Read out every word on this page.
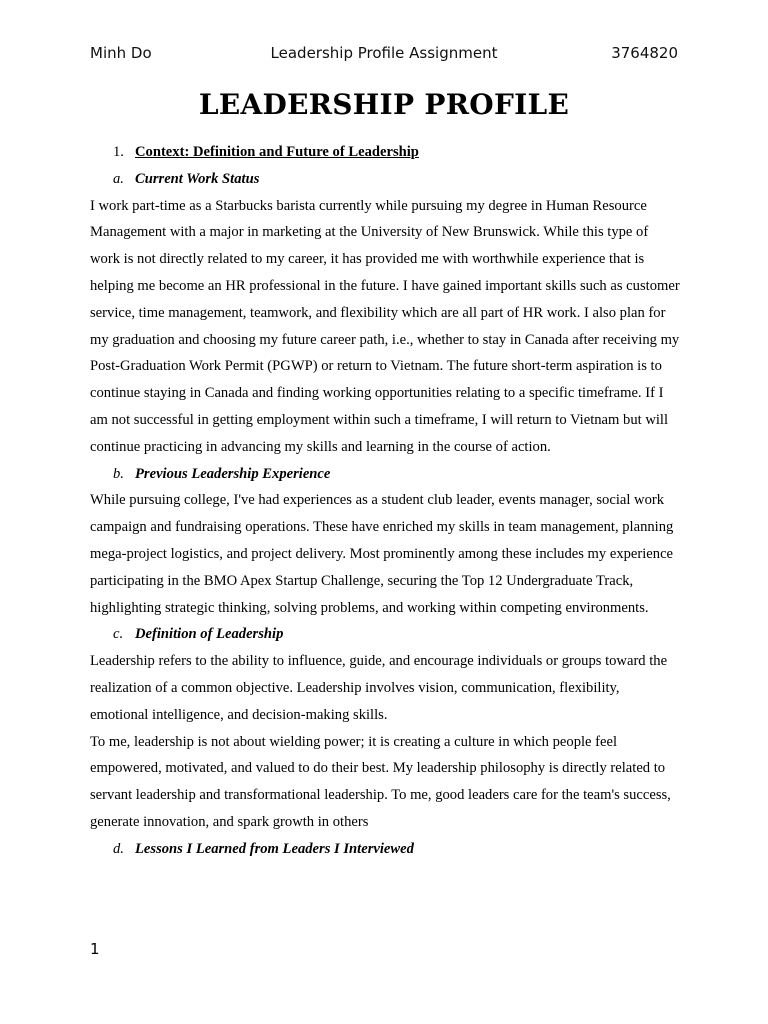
Minh Do	Leadership Profile Assignment	3764820
LEADERSHIP PROFILE
1. Context: Definition and Future of Leadership
a. Current Work Status

I work part-time as a Starbucks barista currently while pursuing my degree in Human Resource Management with a major in marketing at the University of New Brunswick. While this type of work is not directly related to my career, it has provided me with worthwhile experience that is helping me become an HR professional in the future. I have gained important skills such as customer service, time management, teamwork, and flexibility which are all part of HR work. I also plan for my graduation and choosing my future career path, i.e., whether to stay in Canada after receiving my Post-Graduation Work Permit (PGWP) or return to Vietnam. The future short-term aspiration is to continue staying in Canada and finding working opportunities relating to a specific timeframe. If I am not successful in getting employment within such a timeframe, I will return to Vietnam but will continue practicing in advancing my skills and learning in the course of action.

b. Previous Leadership Experience

While pursuing college, I've had experiences as a student club leader, events manager, social work campaign and fundraising operations. These have enriched my skills in team management, planning mega-project logistics, and project delivery. Most prominently among these includes my experience participating in the BMO Apex Startup Challenge, securing the Top 12 Undergraduate Track, highlighting strategic thinking, solving problems, and working within competing environments.

c. Definition of Leadership

Leadership refers to the ability to influence, guide, and encourage individuals or groups toward the realization of a common objective. Leadership involves vision, communication, flexibility, emotional intelligence, and decision-making skills.

To me, leadership is not about wielding power; it is creating a culture in which people feel empowered, motivated, and valued to do their best. My leadership philosophy is directly related to servant leadership and transformational leadership. To me, good leaders care for the team's success, generate innovation, and spark growth in others

d. Lessons I Learned from Leaders I Interviewed
1
